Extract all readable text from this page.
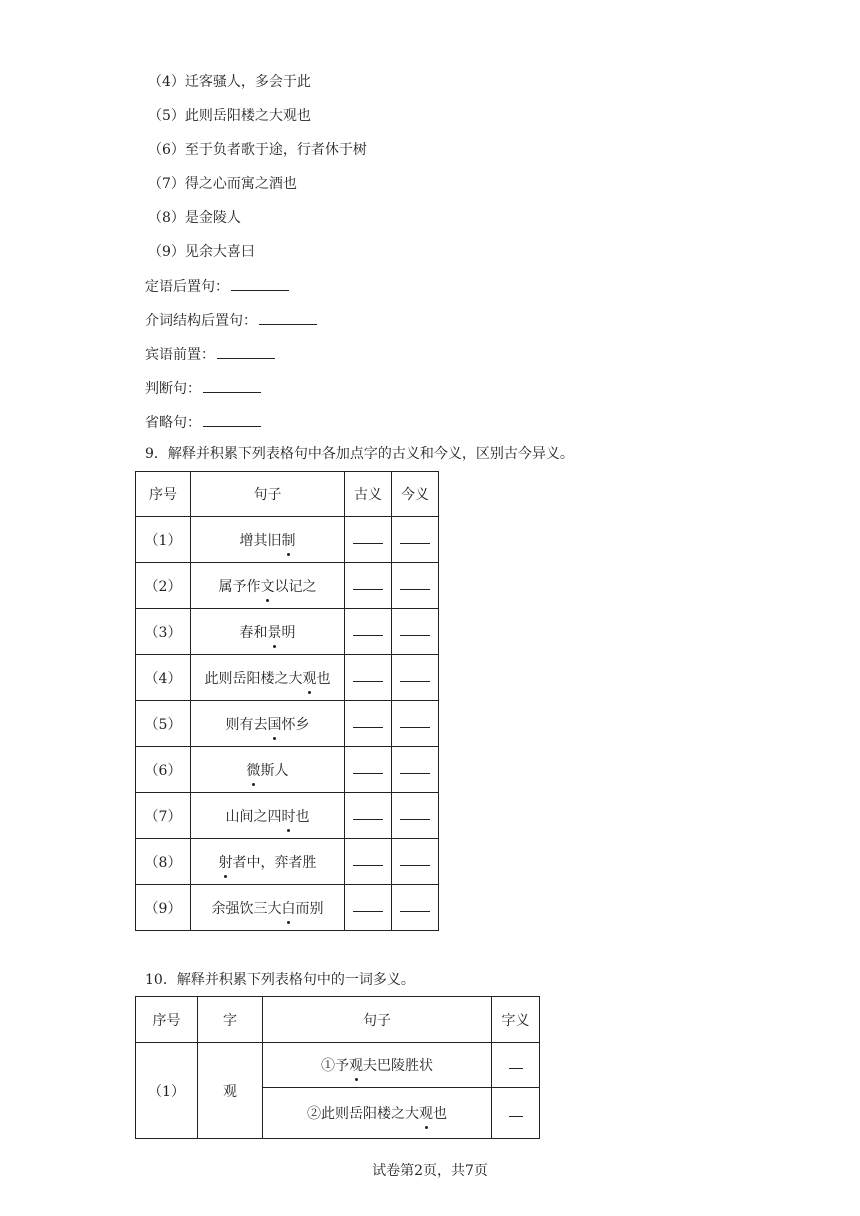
（4）迁客骚人，多会于此
（5）此则岳阳楼之大观也
（6）至于负者歌于途，行者休于树
（7）得之心而寓之酒也
（8）是金陵人
（9）见余大喜曰
定语后置句：
介词结构后置句：
宾语前置：
判断句：
省略句：
9．解释并积累下列表格句中各加点字的古义和今义，区别古今异义。
序号	句子	古义	今义
（1）	增其旧制		
（2）	属予作文以记之		
（3）	春和景明		
（4）	此则岳阳楼之大观也		
（5）	则有去国怀乡		
（6）	微斯人		
（7）	山间之四时也		
（8）	射者中，弈者胜		
（9）	余强饮三大白而别		
10．解释并积累下列表格句中的一词多义。
序号	字	句子	字义
（1）	观	①予观夫巴陵胜状	
		②此则岳阳楼之大观也	
试卷第2页，共7页
